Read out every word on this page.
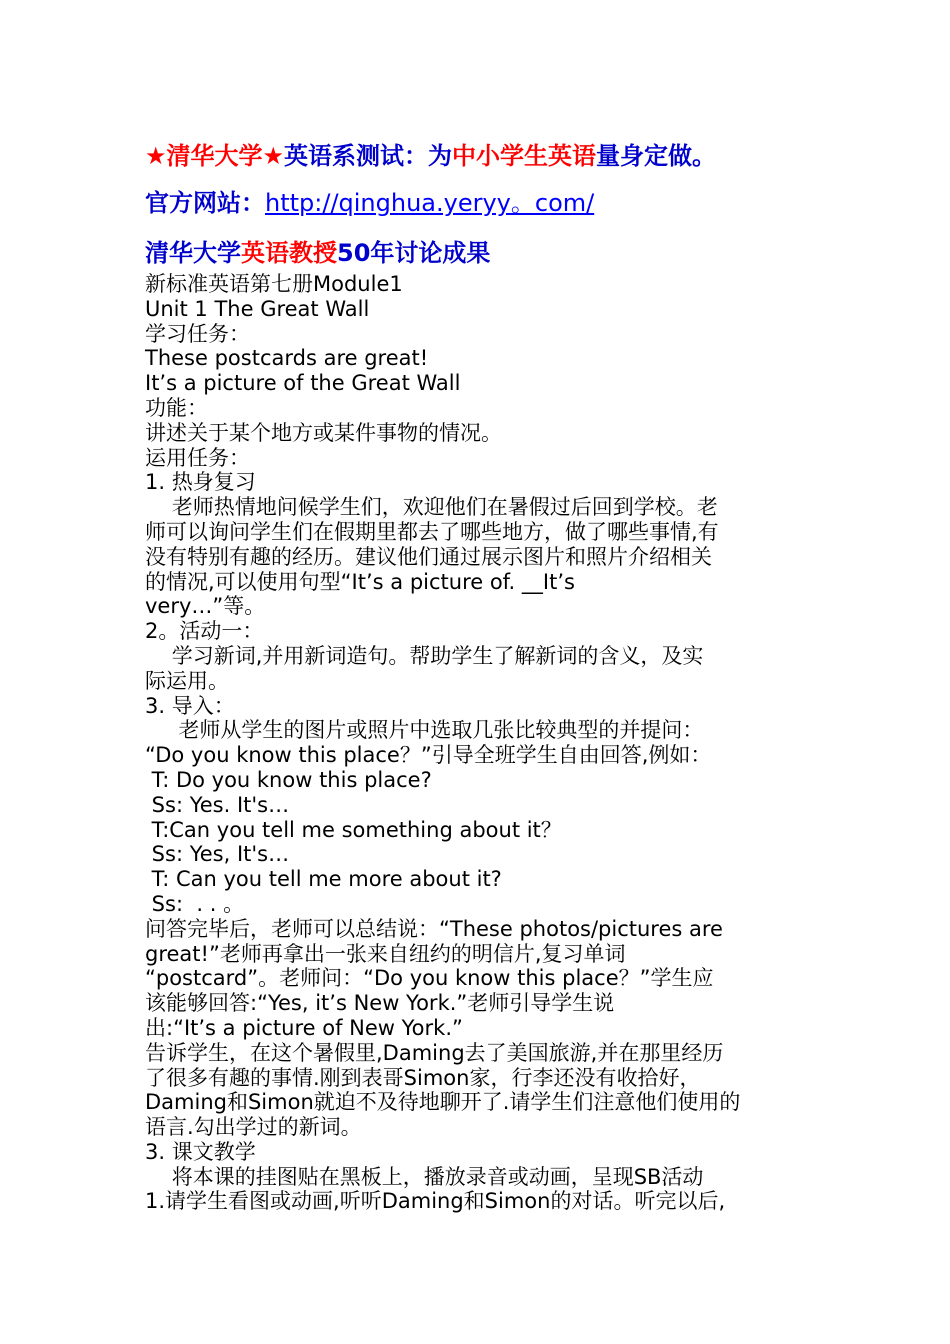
★清华大学★英语系测试：为中小学生英语量身定做。
官方网站：http://qinghua.yeryy。com/
清华大学英语教授50年讨论成果
新标准英语第七册Module1
Unit 1 The Great Wall
学习任务：
These postcards are great!
It’s a picture of the Great Wall
功能：
讲述关于某个地方或某件事物的情况。
运用任务：
1. 热身复习
老师热情地问候学生们，欢迎他们在暑假过后回到学校。老
师可以询问学生们在假期里都去了哪些地方，做了哪些事情,有
没有特别有趣的经历。建议他们通过展示图片和照片介绍相关
的情况,可以使用句型“It’s a picture of. __It’s
very…”等。
2。活动一：
学习新词,并用新词造句。帮助学生了解新词的含义，及实
际运用。
3. 导入：
老师从学生的图片或照片中选取几张比较典型的并提问：
“Do you know this place？”引导全班学生自由回答,例如：
T: Do you know this place?
Ss: Yes. It's…
T:Can you tell me something about it？
Ss: Yes, It's…
T: Can you tell me more about it?
Ss:  . . 。
问答完毕后，老师可以总结说：“These photos/pictures are
great!”老师再拿出一张来自纽约的明信片,复习单词
“postcard”。老师问：“Do you know this place？”学生应
该能够回答:“Yes, it’s New York.”老师引导学生说
出:“It’s a picture of New York.”
告诉学生，在这个暑假里,Daming去了美国旅游,并在那里经历
了很多有趣的事情.刚到表哥Simon家，行李还没有收拾好，
Daming和Simon就迫不及待地聊开了.请学生们注意他们使用的
语言.勾出学过的新词。
3. 课文教学
将本课的挂图贴在黑板上，播放录音或动画，呈现SB活动
1.请学生看图或动画,听听Daming和Simon的对话。听完以后,
